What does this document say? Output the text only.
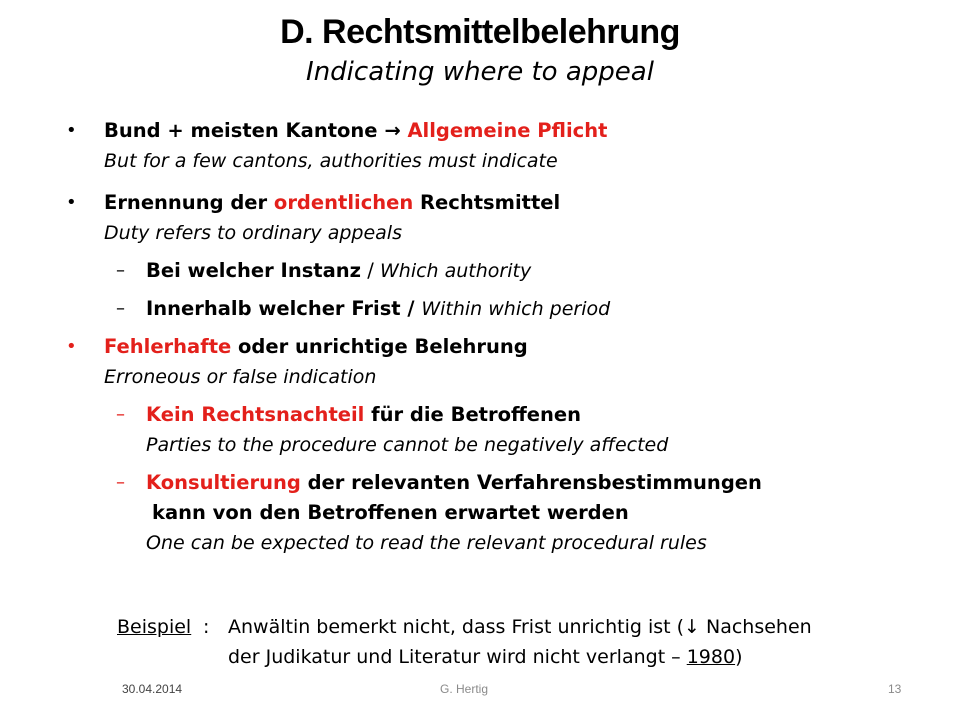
D. Rechtsmittelbelehrung
Indicating where to appeal
• Bund + meisten Kantone → Allgemeine Pflicht
But for a few cantons, authorities must indicate
• Ernennung der ordentlichen Rechtsmittel
Duty refers to ordinary appeals
– Bei welcher Instanz / Which authority
– Innerhalb welcher Frist / Within which period
• Fehlerhafte oder unrichtige Belehrung
Erroneous or false indication
– Kein Rechtsnachteil für die Betroffenen
Parties to the procedure cannot be negatively affected
– Konsultierung der relevanten Verfahrensbestimmungen
kann von den Betroffenen erwartet werden
One can be expected to read the relevant procedural rules
Beispiel : Anwältin bemerkt nicht, dass Frist unrichtig ist (↓ Nachsehen
der Judikatur und Literatur wird nicht verlangt – 1980)
30.04.2014	G. Hertig	13
